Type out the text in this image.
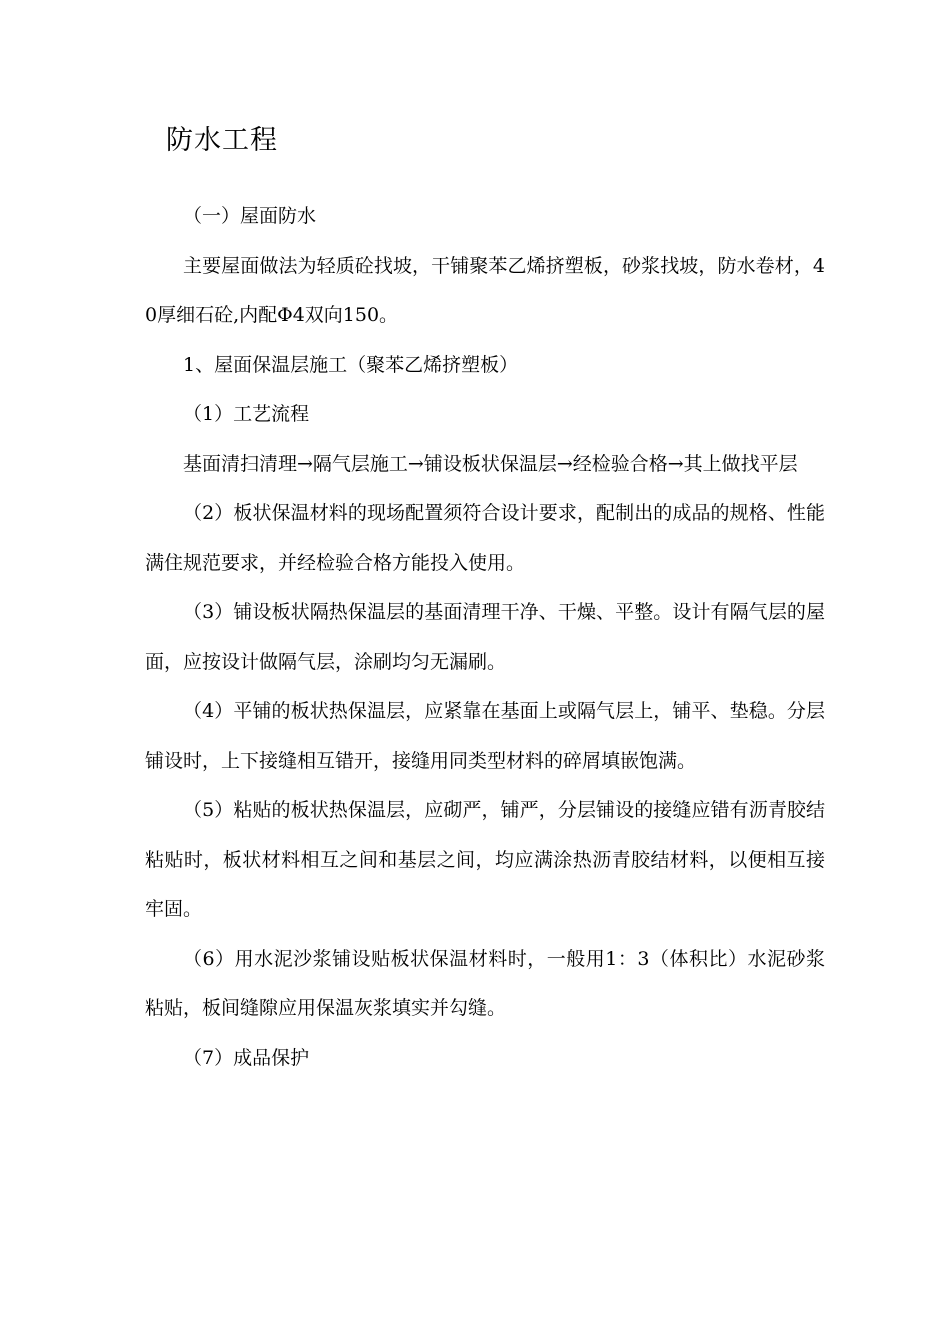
防水工程

（一）屋面防水

主要屋面做法为轻质砼找坡，干铺聚苯乙烯挤塑板，砂浆找坡，防水卷材，40厚细石砼,内配Φ4双向150。

1、屋面保温层施工（聚苯乙烯挤塑板）

（1）工艺流程

基面清扫清理→隔气层施工→铺设板状保温层→经检验合格→其上做找平层

（2）板状保温材料的现场配置须符合设计要求，配制出的成品的规格、性能满住规范要求，并经检验合格方能投入使用。

（3）铺设板状隔热保温层的基面清理干净、干燥、平整。设计有隔气层的屋面，应按设计做隔气层，涂刷均匀无漏刷。

（4）平铺的板状热保温层，应紧靠在基面上或隔气层上，铺平、垫稳。分层铺设时，上下接缝相互错开，接缝用同类型材料的碎屑填嵌饱满。

（5）粘贴的板状热保温层，应砌严，铺严，分层铺设的接缝应错有沥青胶结粘贴时，板状材料相互之间和基层之间，均应满涂热沥青胶结材料，以便相互接牢固。

（6）用水泥沙浆铺设贴板状保温材料时，一般用1：3（体积比）水泥砂浆粘贴，板间缝隙应用保温灰浆填实并勾缝。

（7）成品保护
